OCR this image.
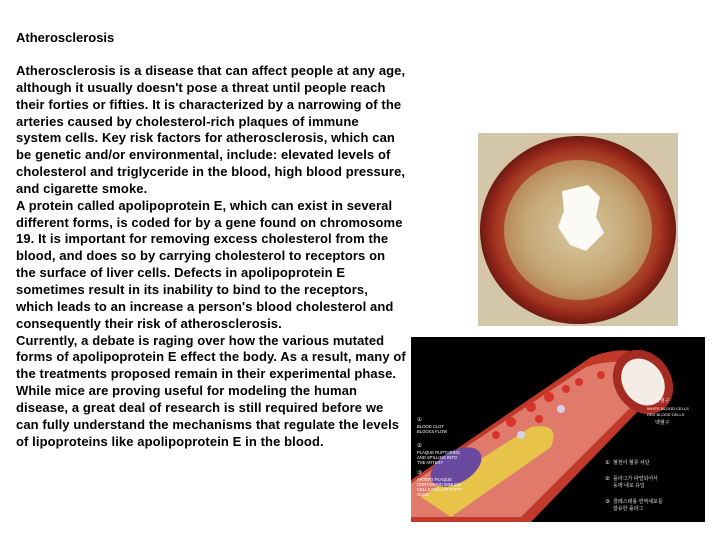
Atherosclerosis

Atherosclerosis is a disease that can affect people at any age, although it usually doesn't pose a threat until people reach their forties or fifties. It is characterized by a narrowing of the arteries caused by cholesterol-rich plaques of immune system cells. Key risk factors for atherosclerosis, which can be genetic and/or environmental, include: elevated levels of cholesterol and triglyceride in the blood, high blood pressure, and cigarette smoke.

A protein called apolipoprotein E, which can exist in several different forms, is coded for by a gene found on chromosome 19. It is important for removing excess cholesterol from the blood, and does so by carrying cholesterol to receptors on the surface of liver cells. Defects in apolipoprotein E sometimes result in its inability to bind to the receptors, which leads to an increase a person's blood cholesterol and consequently their risk of atherosclerosis.

Currently, a debate is raging over how the various mutated forms of apolipoprotein E effect the body. As a result, many of the treatments proposed remain in their experimental phase. While mice are proving useful for modeling the human disease, a great deal of research is still required before we can fully understand the mechanisms that regulate the levels of lipoproteins like apolipoprotein E in the blood.

①
BLOOD CLOT
BLOCKS FLOW
②
PLAQUE RUPTURING
AND SPILLING INTO
THE ARTERY
③
ARTERY PLAQUE
CONTAINING IMMUNE
CELLS FULL OF FATTY
GUNK
적혈구
WHITE BLOOD CELLS
RED BLOOD CELLS
백혈구
① 혈전이 혈류 차단
② 플라그가 파열되어서
동맥 내로 유입
③ 콜레스테롤 면역세포를
함유한 플라그
